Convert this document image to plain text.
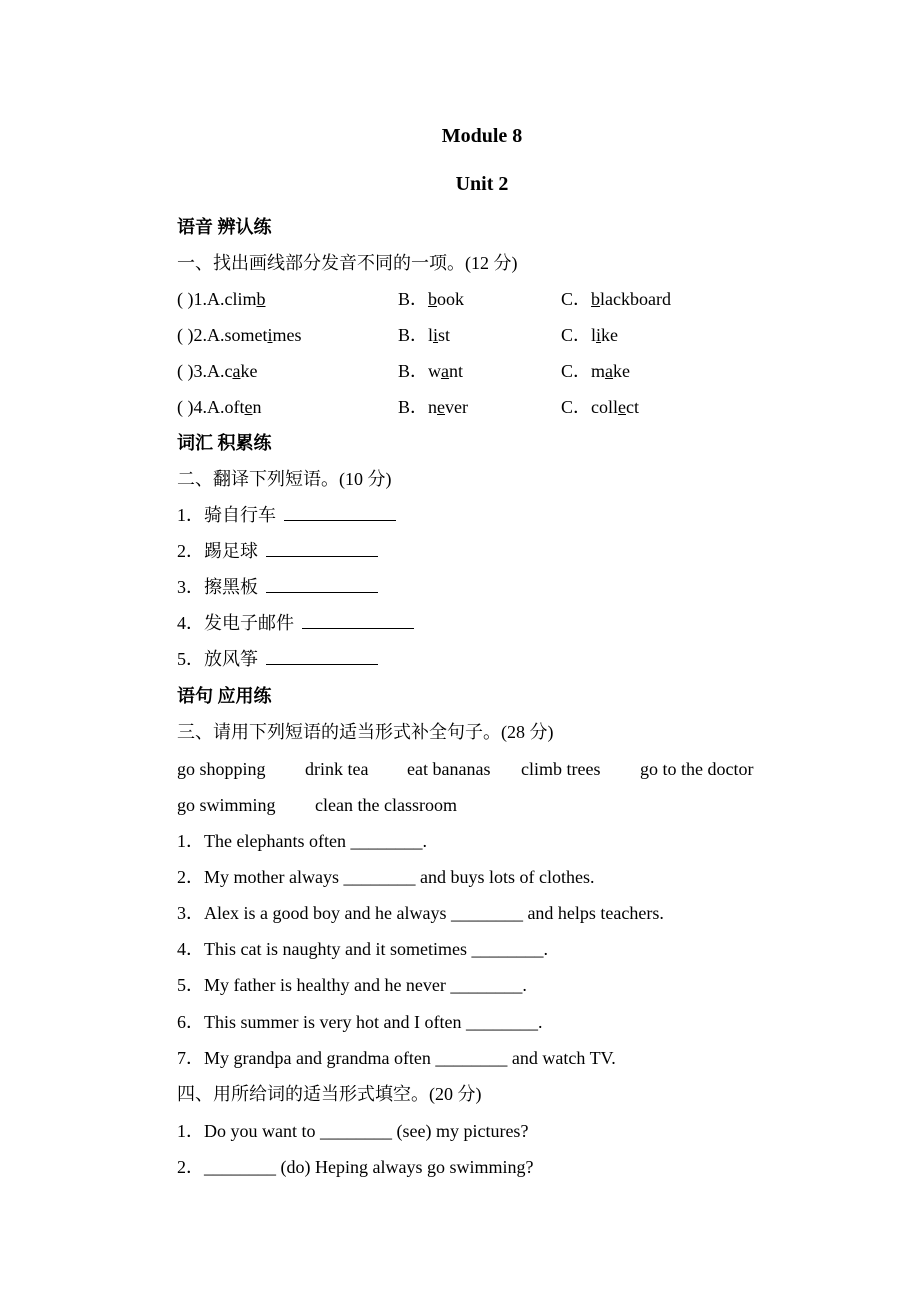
Module 8
Unit 2
语音 辨认练
一、找出画线部分发音不同的一项。(12 分)
( )1.A.climb	B．book	C．blackboard
( )2.A.sometimes	B．list	C．like
( )3.A.cake	B．want	C．make
( )4.A.often	B．never	C．collect
词汇 积累练
二、翻译下列短语。(10 分)
1．骑自行车
2．踢足球
3．擦黑板
4．发电子邮件
5．放风筝
语句 应用练
三、请用下列短语的适当形式补全句子。(28 分)
go shopping drink tea eat bananas climb trees go to the doctor
go swimming clean the classroom
1．The elephants often ________.
2．My mother always ________ and buys lots of clothes.
3．Alex is a good boy and he always ________ and helps teachers.
4．This cat is naughty and it sometimes ________.
5．My father is healthy and he never ________.
6．This summer is very hot and I often ________.
7．My grandpa and grandma often ________ and watch TV.
四、用所给词的适当形式填空。(20 分)
1．Do you want to ________ (see) my pictures?
2．________ (do) Heping always go swimming?
